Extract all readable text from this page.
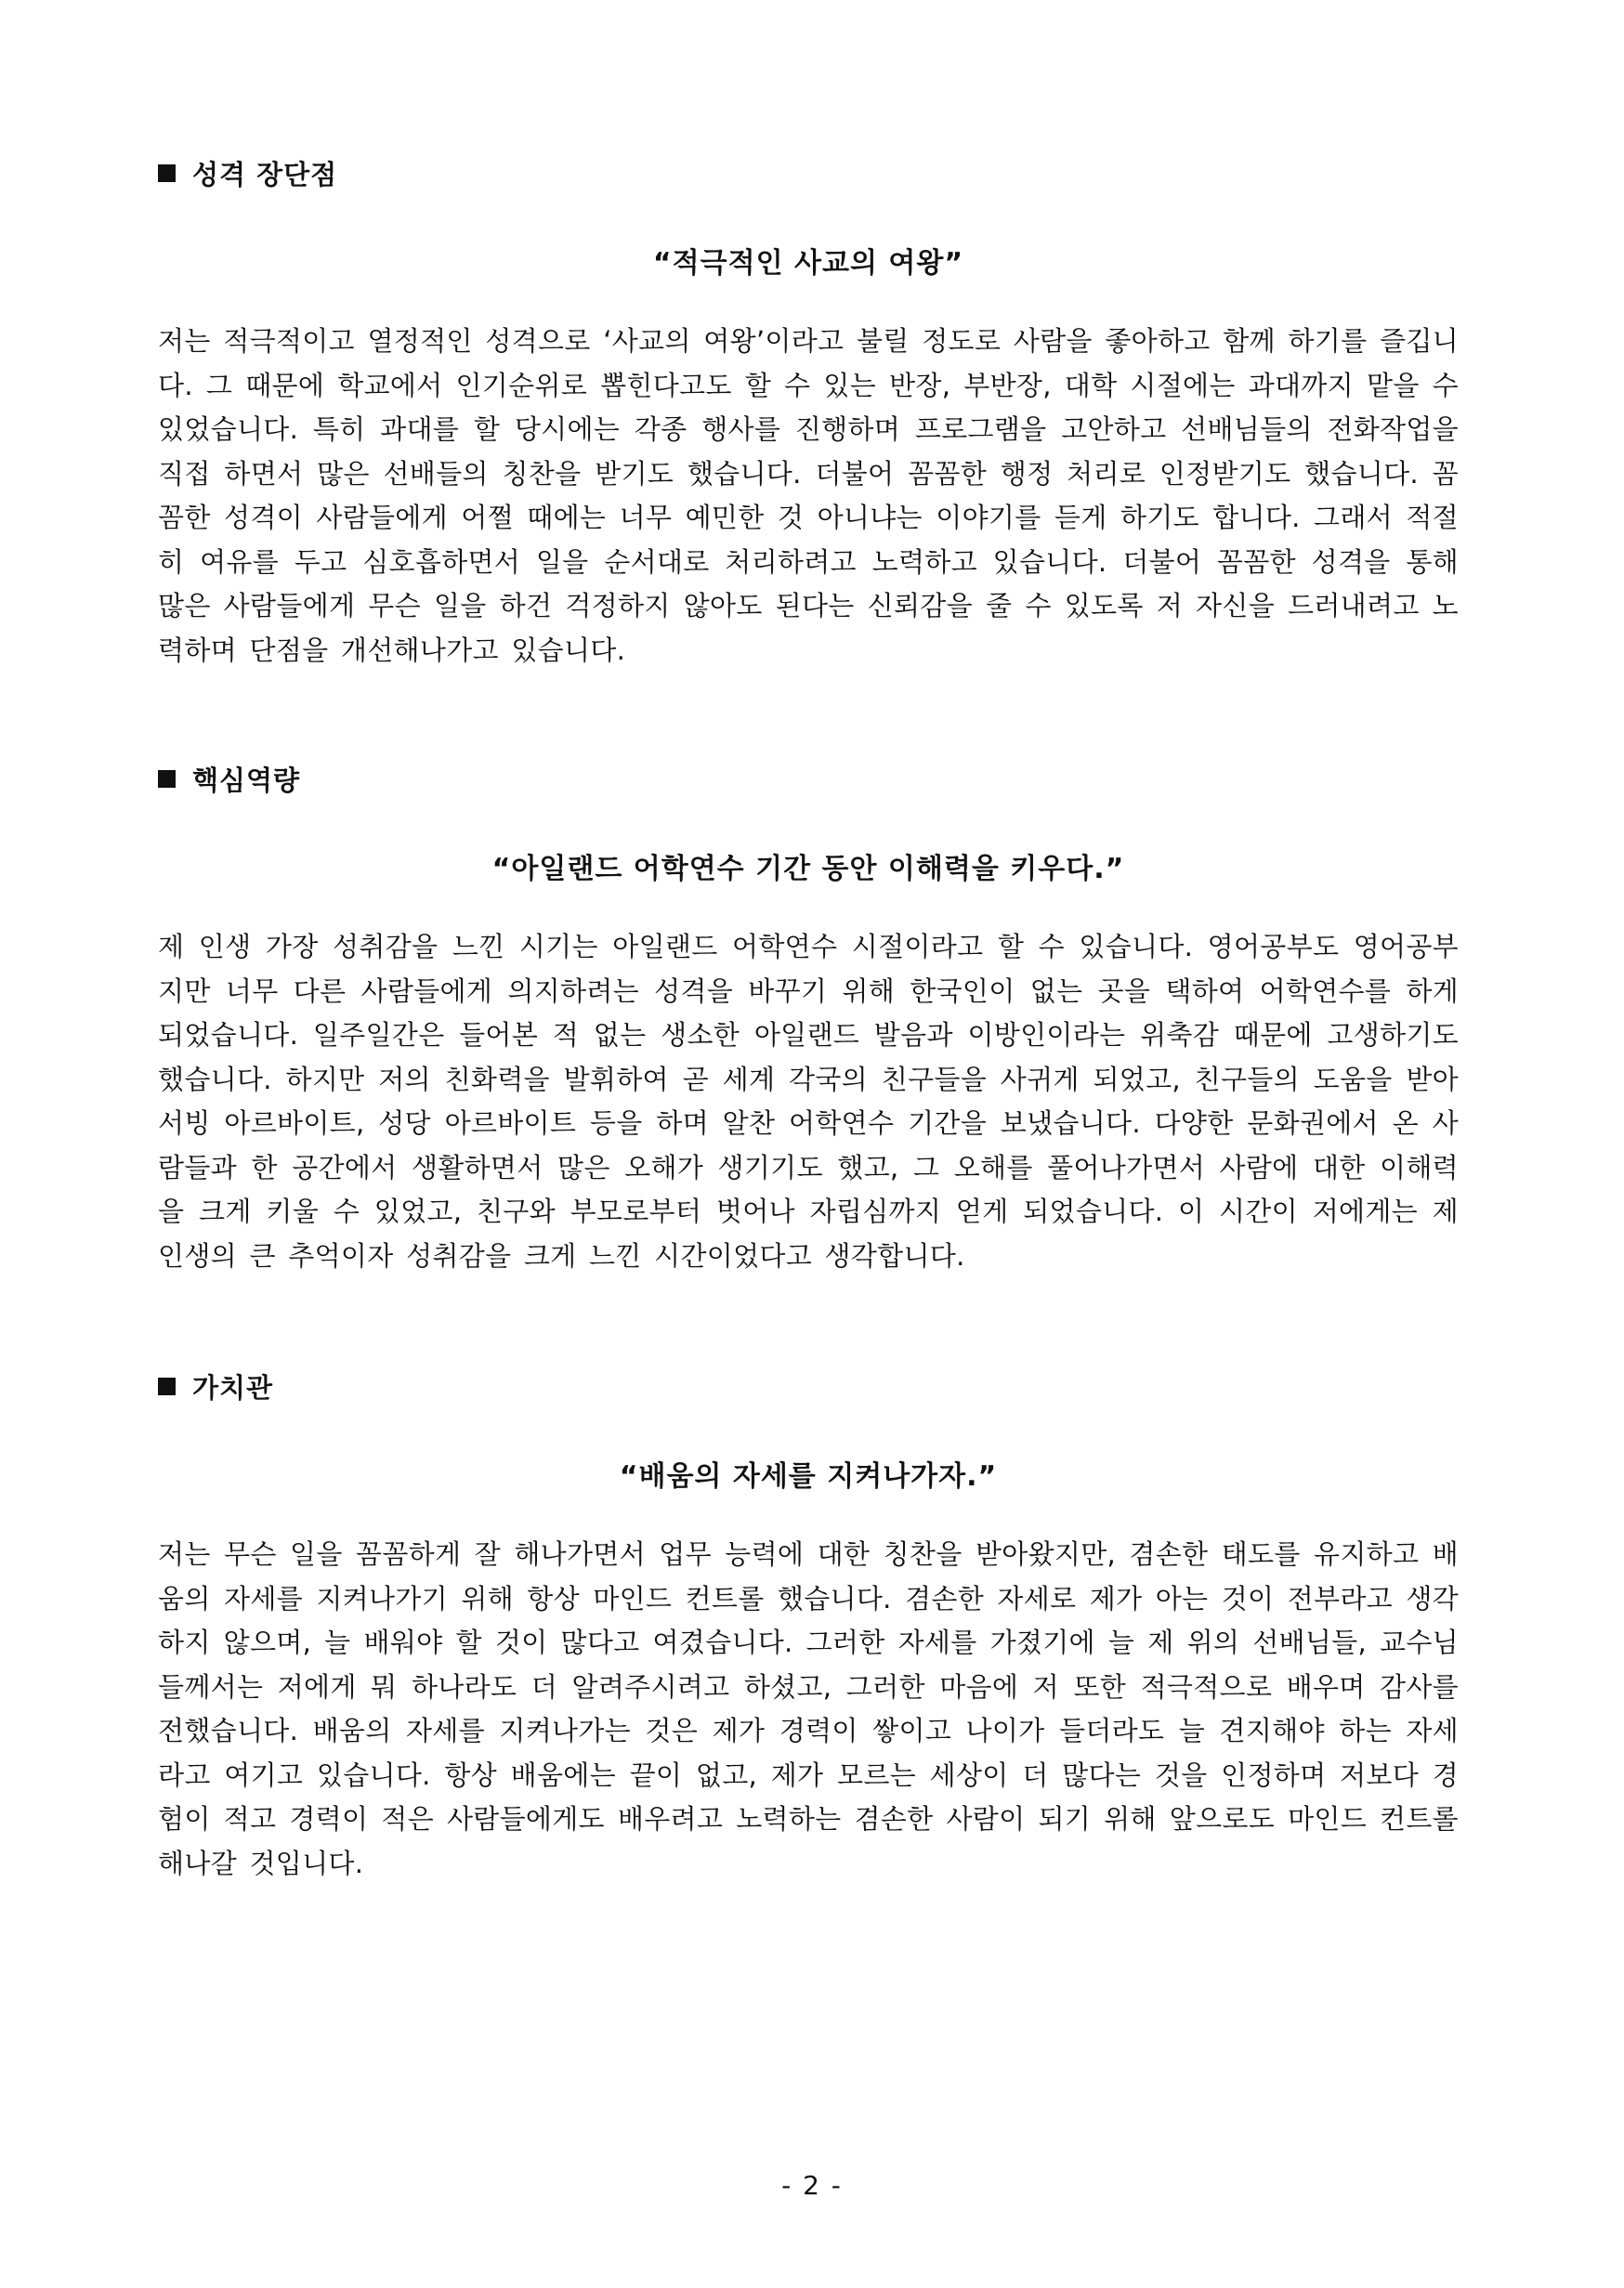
성격 장단점
“적극적인 사교의 여왕”

저는 적극적이고 열정적인 성격으로 ‘사교의 여왕’이라고 불릴 정도로 사람을 좋아하고 함께 하기를 즐깁니다. 그 때문에 학교에서 인기순위로 뽑힌다고도 할 수 있는 반장, 부반장, 대학 시절에는 과대까지 맡을 수 있었습니다. 특히 과대를 할 당시에는 각종 행사를 진행하며 프로그램을 고안하고 선배님들의 전화작업을 직접 하면서 많은 선배들의 칭찬을 받기도 했습니다. 더불어 꼼꼼한 행정 처리로 인정받기도 했습니다. 꼼꼼한 성격이 사람들에게 어쩔 때에는 너무 예민한 것 아니냐는 이야기를 듣게 하기도 합니다. 그래서 적절히 여유를 두고 심호흡하면서 일을 순서대로 처리하려고 노력하고 있습니다. 더불어 꼼꼼한 성격을 통해 많은 사람들에게 무슨 일을 하건 걱정하지 않아도 된다는 신뢰감을 줄 수 있도록 저 자신을 드러내려고 노력하며 단점을 개선해나가고 있습니다.

핵심역량
“아일랜드 어학연수 기간 동안 이해력을 키우다.”

제 인생 가장 성취감을 느낀 시기는 아일랜드 어학연수 시절이라고 할 수 있습니다. 영어공부도 영어공부지만 너무 다른 사람들에게 의지하려는 성격을 바꾸기 위해 한국인이 없는 곳을 택하여 어학연수를 하게 되었습니다. 일주일간은 들어본 적 없는 생소한 아일랜드 발음과 이방인이라는 위축감 때문에 고생하기도 했습니다. 하지만 저의 친화력을 발휘하여 곧 세계 각국의 친구들을 사귀게 되었고, 친구들의 도움을 받아 서빙 아르바이트, 성당 아르바이트 등을 하며 알찬 어학연수 기간을 보냈습니다. 다양한 문화권에서 온 사람들과 한 공간에서 생활하면서 많은 오해가 생기기도 했고, 그 오해를 풀어나가면서 사람에 대한 이해력을 크게 키울 수 있었고, 친구와 부모로부터 벗어나 자립심까지 얻게 되었습니다. 이 시간이 저에게는 제 인생의 큰 추억이자 성취감을 크게 느낀 시간이었다고 생각합니다.

가치관
“배움의 자세를 지켜나가자.”

저는 무슨 일을 꼼꼼하게 잘 해나가면서 업무 능력에 대한 칭찬을 받아왔지만, 겸손한 태도를 유지하고 배움의 자세를 지켜나가기 위해 항상 마인드 컨트롤 했습니다. 겸손한 자세로 제가 아는 것이 전부라고 생각하지 않으며, 늘 배워야 할 것이 많다고 여겼습니다. 그러한 자세를 가졌기에 늘 제 위의 선배님들, 교수님들께서는 저에게 뭐 하나라도 더 알려주시려고 하셨고, 그러한 마음에 저 또한 적극적으로 배우며 감사를 전했습니다. 배움의 자세를 지켜나가는 것은 제가 경력이 쌓이고 나이가 들더라도 늘 견지해야 하는 자세라고 여기고 있습니다. 항상 배움에는 끝이 없고, 제가 모르는 세상이 더 많다는 것을 인정하며 저보다 경험이 적고 경력이 적은 사람들에게도 배우려고 노력하는 겸손한 사람이 되기 위해 앞으로도 마인드 컨트롤 해나갈 것입니다.

- 2 -
